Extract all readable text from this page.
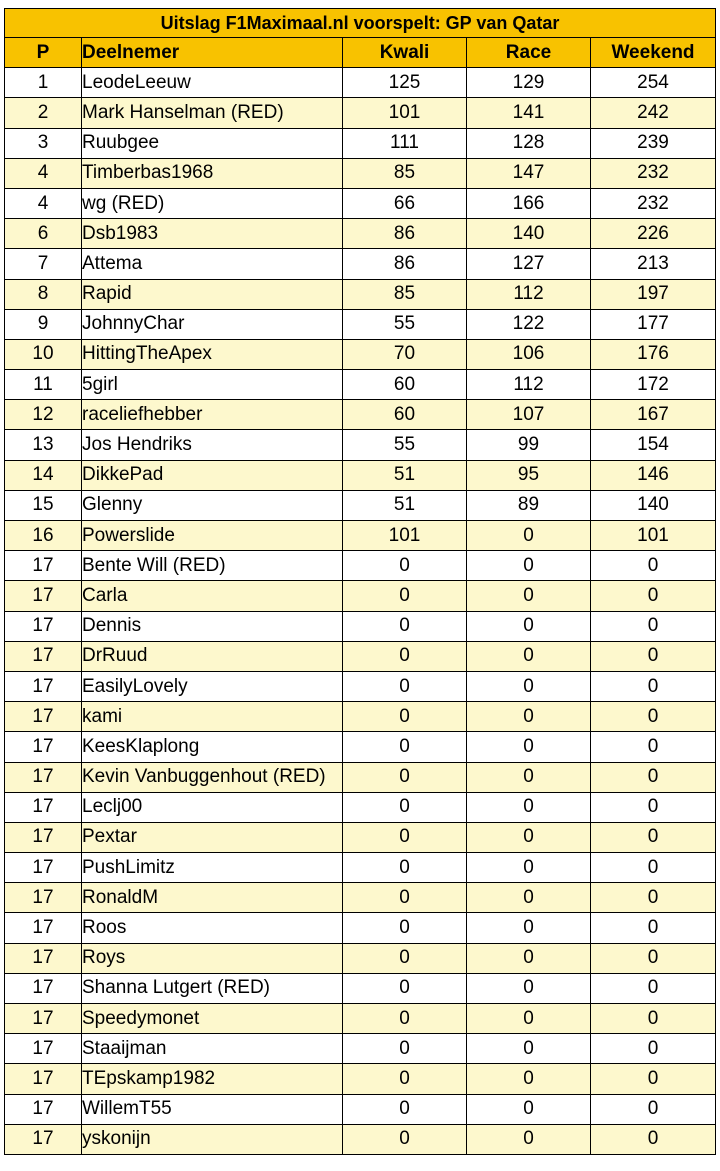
Uitslag F1Maximaal.nl voorspelt: GP van Qatar				
P	Deelnemer	Kwali	Race	Weekend
1	LeodeLeeuw	125	129	254
2	Mark Hanselman (RED)	101	141	242
3	Ruubgee	111	128	239
4	Timberbas1968	85	147	232
4	wg (RED)	66	166	232
6	Dsb1983	86	140	226
7	Attema	86	127	213
8	Rapid	85	112	197
9	JohnnyChar	55	122	177
10	HittingTheApex	70	106	176
11	5girl	60	112	172
12	raceliefhebber	60	107	167
13	Jos Hendriks	55	99	154
14	DikkePad	51	95	146
15	Glenny	51	89	140
16	Powerslide	101	0	101
17	Bente Will (RED)	0	0	0
17	Carla	0	0	0
17	Dennis	0	0	0
17	DrRuud	0	0	0
17	EasilyLovely	0	0	0
17	kami	0	0	0
17	KeesKlaplong	0	0	0
17	Kevin Vanbuggenhout (RED)	0	0	0
17	Leclj00	0	0	0
17	Pextar	0	0	0
17	PushLimitz	0	0	0
17	RonaldM	0	0	0
17	Roos	0	0	0
17	Roys	0	0	0
17	Shanna Lutgert (RED)	0	0	0
17	Speedymonet	0	0	0
17	Staaijman	0	0	0
17	TEpskamp1982	0	0	0
17	WillemT55	0	0	0
17	yskonijn	0	0	0
